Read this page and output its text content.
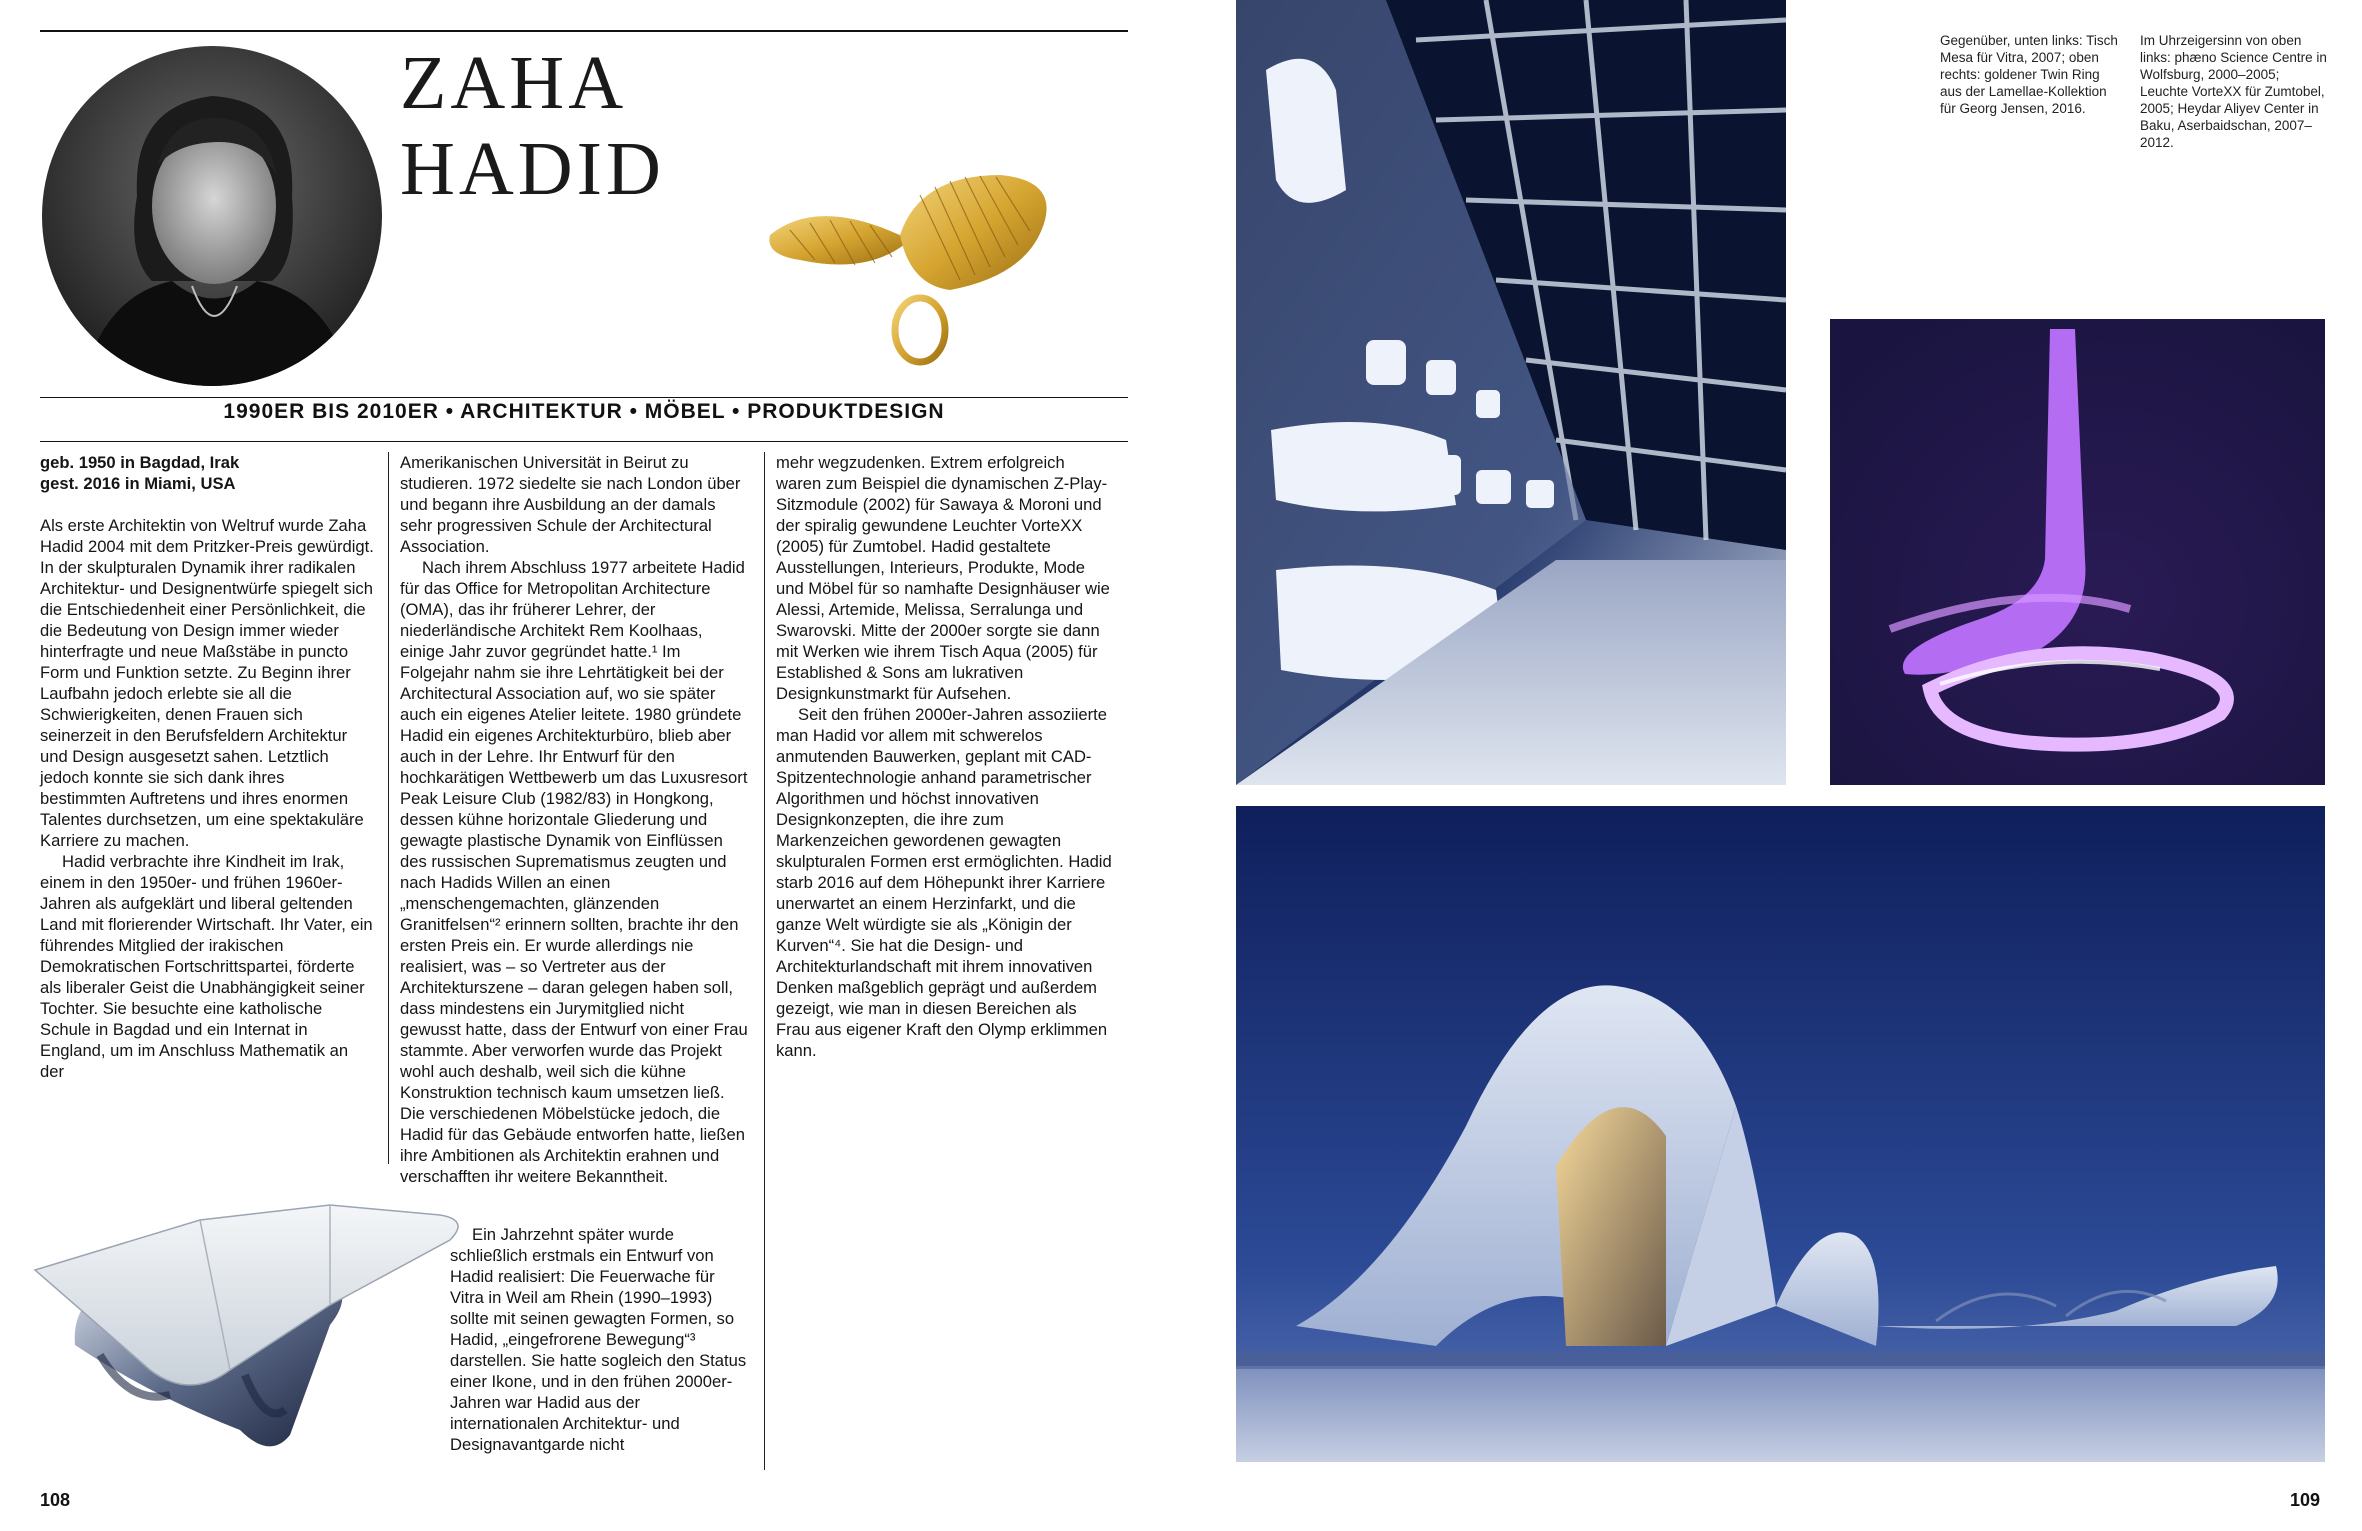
ZAHA
HADID
1990ER BIS 2010ER • ARCHITEKTUR • MÖBEL • PRODUKTDESIGN

geb. 1950 in Bagdad, Irak

gest. 2016 in Miami, USA

Als erste Architektin von Weltruf wurde Zaha Hadid 2004 mit dem Pritzker-Preis gewürdigt. In der skulpturalen Dynamik ihrer radikalen Architektur- und Designentwürfe spiegelt sich die Entschiedenheit einer Persönlichkeit, die die Bedeutung von Design immer wieder hinterfragte und neue Maßstäbe in puncto Form und Funktion setzte. Zu Beginn ihrer Laufbahn jedoch erlebte sie all die Schwierigkeiten, denen Frauen sich seinerzeit in den Berufsfeldern Architektur und Design ausgesetzt sahen. Letztlich jedoch konnte sie sich dank ihres bestimmten Auftretens und ihres enormen Talentes durchsetzen, um eine spektakuläre Karriere zu machen.

Hadid verbrachte ihre Kindheit im Irak, einem in den 1950er- und frühen 1960er-Jahren als aufgeklärt und liberal geltenden Land mit florierender Wirtschaft. Ihr Vater, ein führendes Mitglied der irakischen Demokratischen Fortschrittspartei, förderte als liberaler Geist die Unabhängigkeit seiner Tochter. Sie besuchte eine katholische Schule in Bagdad und ein Internat in England, um im Anschluss Mathematik an der

Amerikanischen Universität in Beirut zu studieren. 1972 siedelte sie nach London über und begann ihre Ausbildung an der damals sehr progressiven Schule der Architectural Association.

Nach ihrem Abschluss 1977 arbeitete Hadid für das Office for Metropolitan Architecture (OMA), das ihr früherer Lehrer, der niederländische Architekt Rem Koolhaas, einige Jahr zuvor gegründet hatte.¹ Im Folgejahr nahm sie ihre Lehrtätigkeit bei der Architectural Association auf, wo sie später auch ein eigenes Atelier leitete. 1980 gründete Hadid ein eigenes Architekturbüro, blieb aber auch in der Lehre. Ihr Entwurf für den hochkarätigen Wettbewerb um das Luxusresort Peak Leisure Club (1982/83) in Hongkong, dessen kühne horizontale Gliederung und gewagte plastische Dynamik von Einflüssen des russischen Suprematismus zeugten und nach Hadids Willen an einen „menschengemachten, glänzenden Granitfelsen“² erinnern sollten, brachte ihr den ersten Preis ein. Er wurde allerdings nie realisiert, was – so Vertreter aus der Architekturszene – daran gelegen haben soll, dass mindestens ein Jurymitglied nicht gewusst hatte, dass der Entwurf von einer Frau stammte. Aber verworfen wurde das Projekt wohl auch deshalb, weil sich die kühne Konstruktion technisch kaum umsetzen ließ. Die verschiedenen Möbelstücke jedoch, die Hadid für das Gebäude entworfen hatte, ließen ihre Ambitionen als Architektin erahnen und verschafften ihr weitere Bekanntheit.

Ein Jahrzehnt später wurde schließlich erstmals ein Entwurf von Hadid realisiert: Die Feuerwache für Vitra in Weil am Rhein (1990–1993) sollte mit seinen gewagten Formen, so Hadid, „eingefrorene Bewegung“³ darstellen. Sie hatte sogleich den Status einer Ikone, und in den frühen 2000er-Jahren war Hadid aus der internationalen Architektur- und Designavantgarde nicht

mehr wegzudenken. Extrem erfolgreich waren zum Beispiel die dynamischen Z-Play-Sitzmodule (2002) für Sawaya & Moroni und der spiralig gewundene Leuchter VorteXX (2005) für Zumtobel. Hadid gestaltete Ausstellungen, Interieurs, Produkte, Mode und Möbel für so namhafte Designhäuser wie Alessi, Artemide, Melissa, Serralunga und Swarovski. Mitte der 2000er sorgte sie dann mit Werken wie ihrem Tisch Aqua (2005) für Established & Sons am lukrativen Designkunstmarkt für Aufsehen.

Seit den frühen 2000er-Jahren assoziierte man Hadid vor allem mit schwerelos anmutenden Bauwerken, geplant mit CAD-Spitzentechnologie anhand parametrischer Algorithmen und höchst innovativen Designkonzepten, die ihre zum Markenzeichen gewordenen gewagten skulpturalen Formen erst ermöglichten. Hadid starb 2016 auf dem Höhepunkt ihrer Karriere unerwartet an einem Herzinfarkt, und die ganze Welt würdigte sie als „Königin der Kurven“⁴. Sie hat die Design- und Architekturlandschaft mit ihrem innovativen Denken maßgeblich geprägt und außerdem gezeigt, wie man in diesen Bereichen als Frau aus eigener Kraft den Olymp erklimmen kann.

108
Gegenüber, unten links: Tisch Mesa für Vitra, 2007; oben rechts: goldener Twin Ring aus der Lamellae-Kollektion für Georg Jensen, 2016.
Im Uhrzeigersinn von oben links: phæno Science Centre in Wolfsburg, 2000–2005; Leuchte VorteXX für Zumtobel, 2005; Heydar Aliyev Center in Baku, Aserbaidschan, 2007–2012.
109
